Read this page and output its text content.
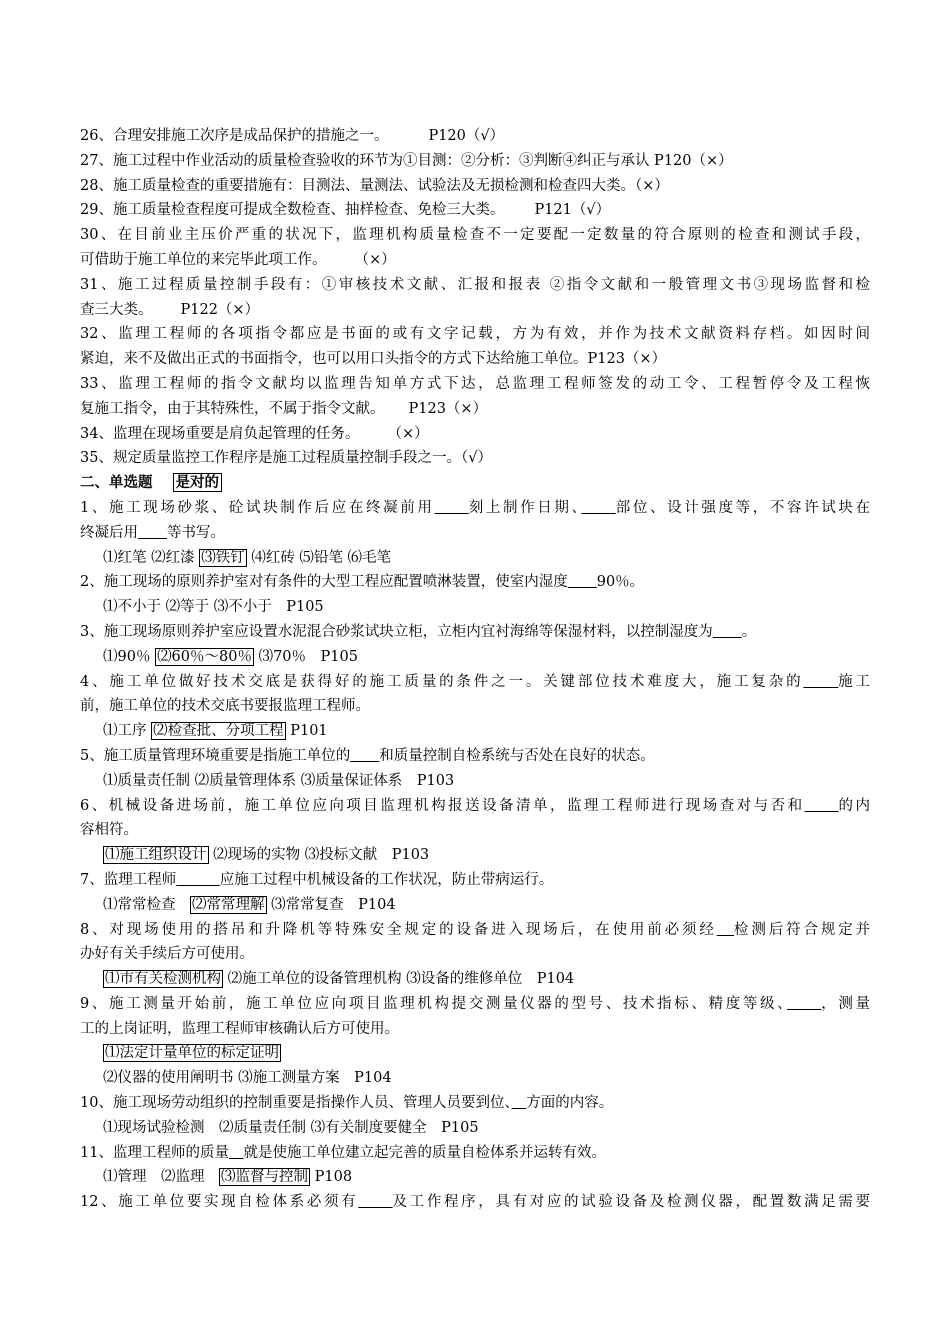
26、合理安排施工次序是成品保护的措施之一。	P120（√）
27、施工过程中作业活动的质量检查验收的环节为①目测：②分析：③判断④纠正与承认 P120（×）
28、施工质量检查的重要措施有：目测法、量测法、试验法及无损检测和检查四大类。（×）
29、施工质量检查程度可提成全数检查、抽样检查、免检三大类。 P121（√）
30、在目前业主压价严重的状况下，监理机构质量检查不一定要配一定数量的符合原则的检查和测试手段，
可借助于施工单位的来完毕此项工作。 （×）
31、施工过程质量控制手段有：①审核技术文献、汇报和报表 ②指令文献和一般管理文书③现场监督和检
查三大类。 P122（×）
32、监理工程师的各项指令都应是书面的或有文字记载，方为有效，并作为技术文献资料存档。如因时间
紧迫，来不及做出正式的书面指令，也可以用口头指令的方式下达给施工单位。P123（×）
33、监理工程师的指令文献均以监理告知单方式下达，总监理工程师签发的动工令、工程暂停令及工程恢
复施工指令，由于其特殊性，不属于指令文献。 P123（×）
34、监理在现场重要是肩负起管理的任务。 （×）
35、规定质量监控工作程序是施工过程质量控制手段之一。（√）
二、单选题 是对的
1、施工现场砂浆、砼试块制作后应在终凝前用　　 刻上制作日期、　　 部位、设计强度等，不容许试块在
终凝后用　　 等书写。
⑴红笔 ⑵红漆 ⑶铁钉 ⑷红砖 ⑸铅笔 ⑹毛笔
2、施工现场的原则养护室对有条件的大型工程应配置喷淋装置，使室内湿度　　 90％。
⑴不小于 ⑵等于 ⑶不小于　P105
3、施工现场原则养护室应设置水泥混合砂浆试块立柜，立柜内宜衬海绵等保湿材料，以控制湿度为　　 。
⑴90％ ⑵60％～80％ ⑶70％　P105
4、施工单位做好技术交底是获得好的施工质量的条件之一。关键部位技术难度大，施工复杂的　　 施工
前，施工单位的技术交底书要报监理工程师。
⑴工序 ⑵检查批、分项工程 P101
5、施工质量管理环境重要是指施工单位的　　 和质量控制自检系统与否处在良好的状态。
⑴质量责任制 ⑵质量管理体系 ⑶质量保证体系　P103
6、机械设备进场前，施工单位应向项目监理机构报送设备清单，监理工程师进行现场查对与否和　　 的内
容相符。
⑴施工组织设计 ⑵现场的实物 ⑶投标文献　P103
7、监理工程师　　　	应施工过程中机械设备的工作状况，防止带病运行。
⑴常常检查　⑵常常理解 ⑶常常复查　P104
8、对现场使用的搭吊和升降机等特殊安全规定的设备进入现场后，在使用前必须经　 检测后符合规定并
办好有关手续后方可使用。
⑴市有关检测机构 ⑵施工单位的设备管理机构 ⑶设备的维修单位　P104
9、施工测量开始前，施工单位应向项目监理机构提交测量仪器的型号、技术指标、精度等级、　　 ，测量
工的上岗证明，监理工程师审核确认后方可使用。
⑴法定计量单位的标定证明
⑵仪器的使用阐明书 ⑶施工测量方案　P104
10、施工现场劳动组织的控制重要是指操作人员、管理人员要到位、　 方面的内容。
⑴现场试验检测　⑵质量责任制 ⑶有关制度要健全　P105
11、监理工程师的质量　 就是使施工单位建立起完善的质量自检体系并运转有效。
⑴管理　⑵监理　⑶监督与控制 P108
12、施工单位要实现自检体系必须有　　 及工作程序，具有对应的试验设备及检测仪器，配置数满足需要
